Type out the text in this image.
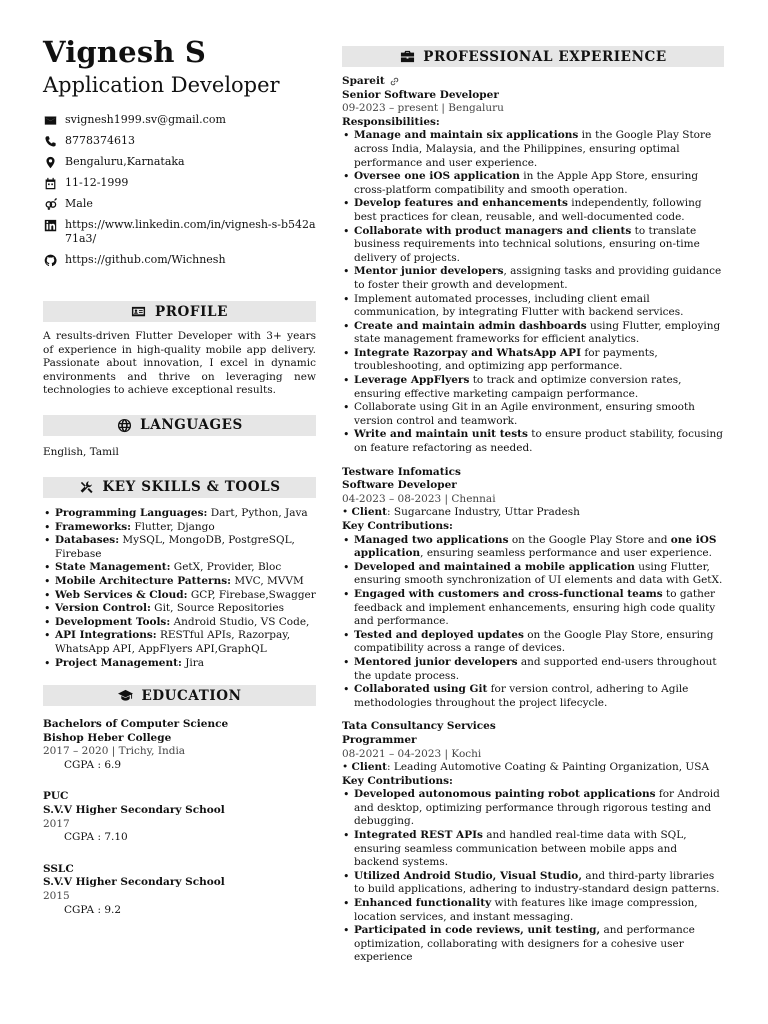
Vignesh S
Application Developer
svignesh1999.sv@gmail.com
8778374613
Bengaluru,Karnataka
11-12-1999
Male
https://www.linkedin.com/in/vignesh-s-b542a71a3/
https://github.com/Wichnesh
PROFILE
A results-driven Flutter Developer with 3+ years of experience in high-quality mobile app delivery. Passionate about innovation, I excel in dynamic environments and thrive on leveraging new technologies to achieve exceptional results.
LANGUAGES
English, Tamil
KEY SKILLS & TOOLS
• Programming Languages: Dart, Python, Java
• Frameworks: Flutter, Django
• Databases: MySQL, MongoDB, PostgreSQL, Firebase
• State Management: GetX, Provider, Bloc
• Mobile Architecture Patterns: MVC, MVVM
• Web Services & Cloud: GCP, Firebase,Swagger
• Version Control: Git, Source Repositories
• Development Tools: Android Studio, VS Code,
• API Integrations: RESTful APIs, Razorpay, WhatsApp API, AppFlyers API,GraphQL
• Project Management: Jira
EDUCATION
Bachelors of Computer Science
Bishop Heber College
2017 – 2020 | Trichy, India
CGPA : 6.9
PUC
S.V.V Higher Secondary School
2017
CGPA : 7.10
SSLC
S.V.V Higher Secondary School
2015
CGPA : 9.2
PROFESSIONAL EXPERIENCE
Spareit
Senior Software Developer
09-2023 – present | Bengaluru
Responsibilities:
• Manage and maintain six applications in the Google Play Store across India, Malaysia, and the Philippines, ensuring optimal performance and user experience.
• Oversee one iOS application in the Apple App Store, ensuring cross-platform compatibility and smooth operation.
• Develop features and enhancements independently, following best practices for clean, reusable, and well-documented code.
• Collaborate with product managers and clients to translate business requirements into technical solutions, ensuring on-time delivery of projects.
• Mentor junior developers, assigning tasks and providing guidance to foster their growth and development.
• Implement automated processes, including client email communication, by integrating Flutter with backend services.
• Create and maintain admin dashboards using Flutter, employing state management frameworks for efficient analytics.
• Integrate Razorpay and WhatsApp API for payments, troubleshooting, and optimizing app performance.
• Leverage AppFlyers to track and optimize conversion rates, ensuring effective marketing campaign performance.
• Collaborate using Git in an Agile environment, ensuring smooth version control and teamwork.
• Write and maintain unit tests to ensure product stability, focusing on feature refactoring as needed.
Testware Infomatics
Software Developer
04-2023 – 08-2023 | Chennai
• Client: Sugarcane Industry, Uttar Pradesh
Key Contributions:
• Managed two applications on the Google Play Store and one iOS application, ensuring seamless performance and user experience.
• Developed and maintained a mobile application using Flutter, ensuring smooth synchronization of UI elements and data with GetX.
• Engaged with customers and cross-functional teams to gather feedback and implement enhancements, ensuring high code quality and performance.
• Tested and deployed updates on the Google Play Store, ensuring compatibility across a range of devices.
• Mentored junior developers and supported end-users throughout the update process.
• Collaborated using Git for version control, adhering to Agile methodologies throughout the project lifecycle.
Tata Consultancy Services
Programmer
08-2021 – 04-2023 | Kochi
• Client: Leading Automotive Coating & Painting Organization, USA
Key Contributions:
• Developed autonomous painting robot applications for Android and desktop, optimizing performance through rigorous testing and debugging.
• Integrated REST APIs and handled real-time data with SQL, ensuring seamless communication between mobile apps and backend systems.
• Utilized Android Studio, Visual Studio, and third-party libraries to build applications, adhering to industry-standard design patterns.
• Enhanced functionality with features like image compression, location services, and instant messaging.
• Participated in code reviews, unit testing, and performance optimization, collaborating with designers for a cohesive user experience
